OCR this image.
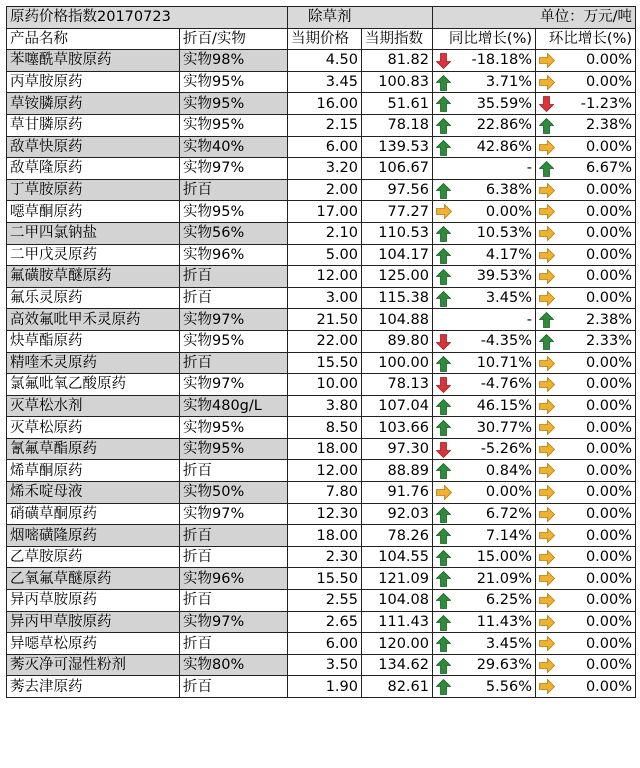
原药价格指数20170723		除草剂		单位：万元/吨	
产品名称	折百/实物	当期价格	当期指数	同比增长(%)	环比增长(%)
苯噻酰草胺原药	实物98%	4.50	81.82	-18.18%	0.00%

丙草胺原药	实物95%	3.45	100.83	3.71%	0.00%

草铵膦原药	实物95%	16.00	51.61	35.59%	-1.23%

草甘膦原药	实物95%	2.15	78.18	22.86%	2.38%

敌草快原药	实物40%	6.00	139.53	42.86%	0.00%

敌草隆原药	实物97%	3.20	106.67	-	6.67%

丁草胺原药	折百	2.00	97.56	6.38%	0.00%

噁草酮原药	实物95%	17.00	77.27	0.00%	0.00%

二甲四氯钠盐	实物56%	2.10	110.53	10.53%	0.00%

二甲戊灵原药	实物96%	5.00	104.17	4.17%	0.00%

氟磺胺草醚原药	折百	12.00	125.00	39.53%	0.00%

氟乐灵原药	折百	3.00	115.38	3.45%	0.00%

高效氟吡甲禾灵原药	实物97%	21.50	104.88	-	2.38%

炔草酯原药	实物95%	22.00	89.80	-4.35%	2.33%

精喹禾灵原药	折百	15.50	100.00	10.71%	0.00%

氯氟吡氧乙酸原药	实物97%	10.00	78.13	-4.76%	0.00%

灭草松水剂	实物480g/L	3.80	107.04	46.15%	0.00%

灭草松原药	实物95%	8.50	103.66	30.77%	0.00%

氰氟草酯原药	实物95%	18.00	97.30	-5.26%	0.00%

烯草酮原药	折百	12.00	88.89	0.84%	0.00%

烯禾啶母液	实物50%	7.80	91.76	0.00%	0.00%

硝磺草酮原药	实物97%	12.30	92.03	6.72%	0.00%

烟嘧磺隆原药	折百	18.00	78.26	7.14%	0.00%

乙草胺原药	折百	2.30	104.55	15.00%	0.00%

乙氧氟草醚原药	实物96%	15.50	121.09	21.09%	0.00%

异丙草胺原药	折百	2.55	104.08	6.25%	0.00%

异丙甲草胺原药	实物97%	2.65	111.43	11.43%	0.00%

异噁草松原药	折百	6.00	120.00	3.45%	0.00%

莠灭净可湿性粉剂	实物80%	3.50	134.62	29.63%	0.00%

莠去津原药	折百	1.90	82.61	5.56%	0.00%
